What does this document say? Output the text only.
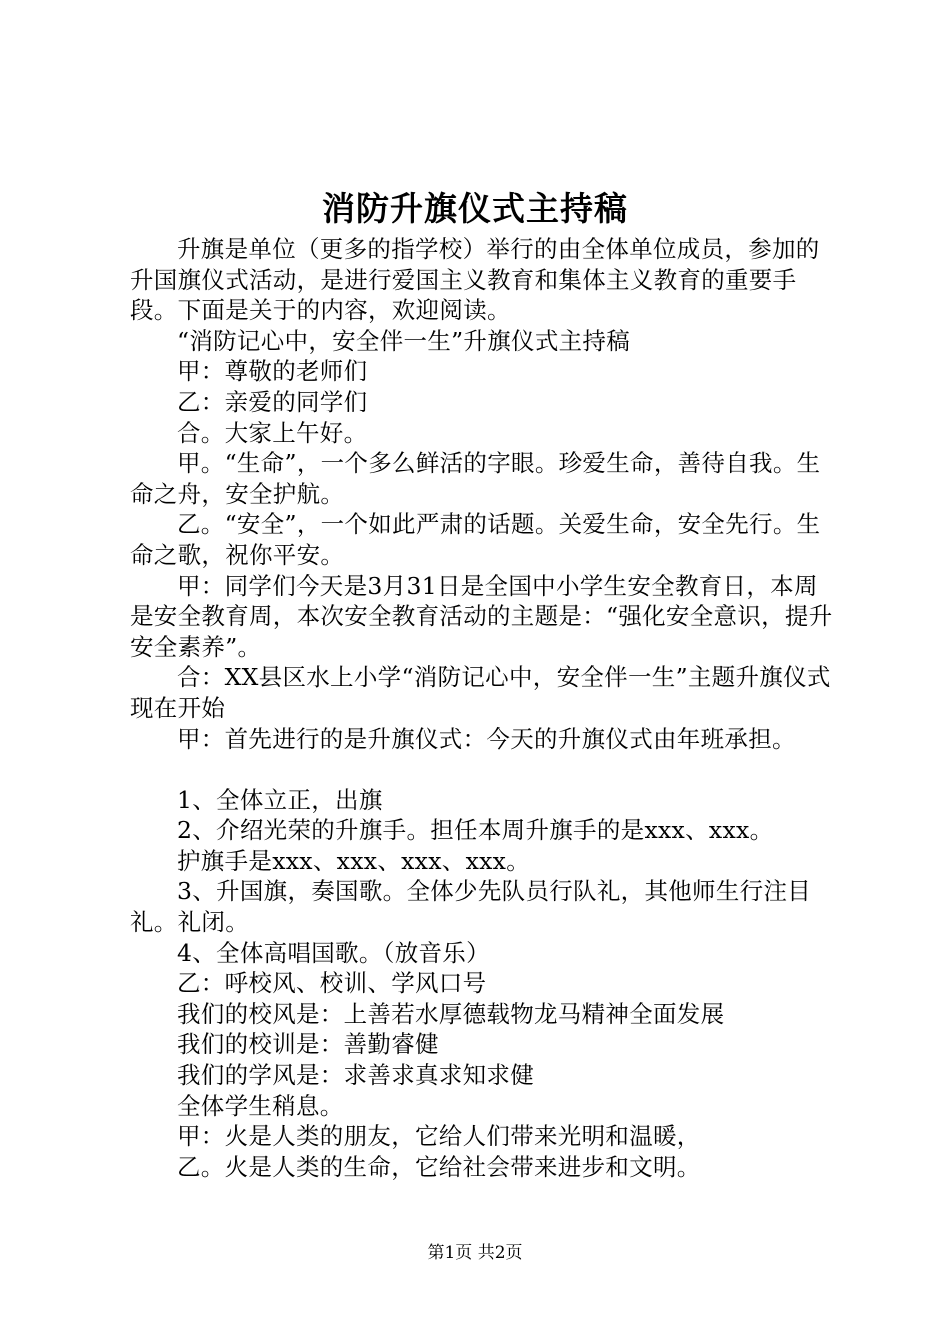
消防升旗仪式主持稿

升旗是单位（更多的指学校）举行的由全体单位成员，参加的升国旗仪式活动，是进行爱国主义教育和集体主义教育的重要手段。下面是关于的内容，欢迎阅读。

“消防记心中，安全伴一生”升旗仪式主持稿

甲：尊敬的老师们

乙：亲爱的同学们

合。大家上午好。

甲。“生命”，一个多么鲜活的字眼。珍爱生命，善待自我。生命之舟，安全护航。

乙。“安全”，一个如此严肃的话题。关爱生命，安全先行。生命之歌，祝你平安。

甲：同学们今天是3月31日是全国中小学生安全教育日，本周是安全教育周，本次安全教育活动的主题是：“强化安全意识，提升安全素养”。

合：XX县区水上小学“消防记心中，安全伴一生”主题升旗仪式现在开始

甲：首先进行的是升旗仪式：今天的升旗仪式由年班承担。

1、全体立正，出旗

2、介绍光荣的升旗手。担任本周升旗手的是xxx、xxx。

护旗手是xxx、xxx、xxx、xxx。

3、升国旗，奏国歌。全体少先队员行队礼，其他师生行注目礼。礼闭。

4、全体高唱国歌。（放音乐）

乙：呼校风、校训、学风口号

我们的校风是：上善若水厚德载物龙马精神全面发展

我们的校训是：善勤睿健

我们的学风是：求善求真求知求健

全体学生稍息。

甲：火是人类的朋友，它给人们带来光明和温暖，

乙。火是人类的生命，它给社会带来进步和文明。

第1页 共2页
